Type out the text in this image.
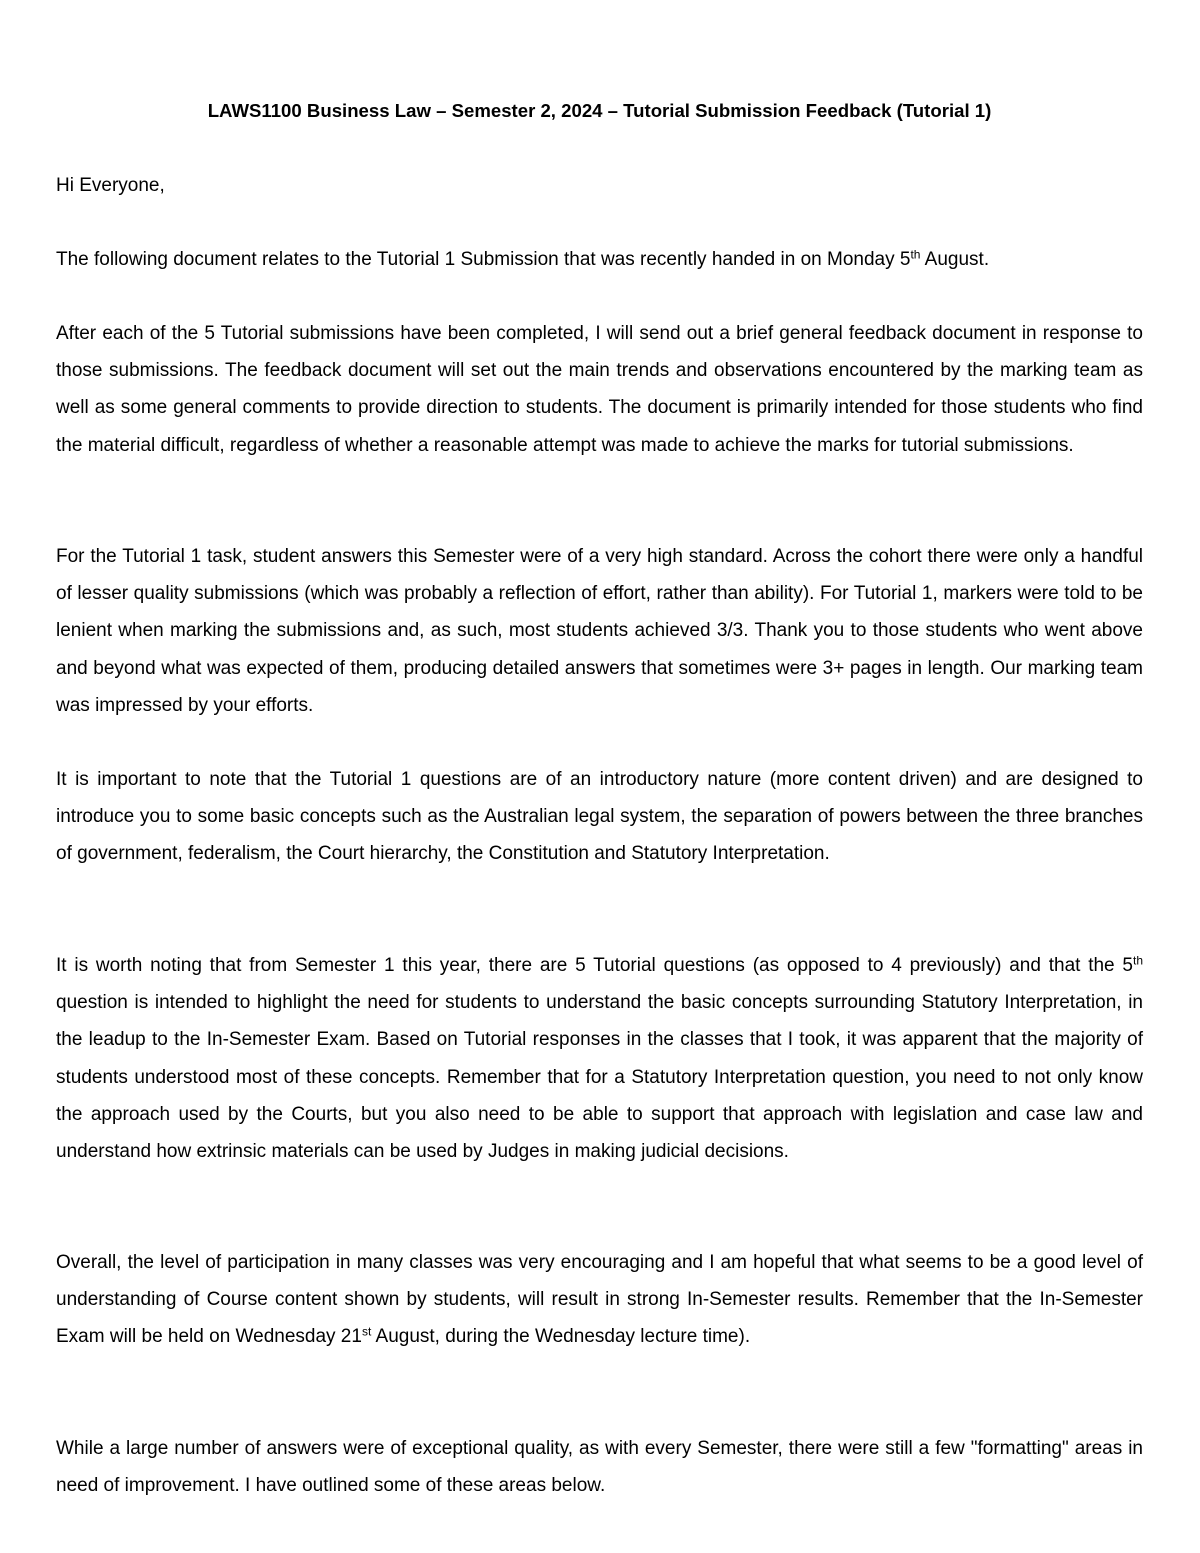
LAWS1100 Business Law – Semester 2, 2024 – Tutorial Submission Feedback (Tutorial 1)

Hi Everyone,

The following document relates to the Tutorial 1 Submission that was recently handed in on Monday 5th August.

After each of the 5 Tutorial submissions have been completed, I will send out a brief general feedback document in response to those submissions. The feedback document will set out the main trends and observations encountered by the marking team as well as some general comments to provide direction to students. The document is primarily intended for those students who find the material difficult, regardless of whether a reasonable attempt was made to achieve the marks for tutorial submissions.

For the Tutorial 1 task, student answers this Semester were of a very high standard. Across the cohort there were only a handful of lesser quality submissions (which was probably a reflection of effort, rather than ability). For Tutorial 1, markers were told to be lenient when marking the submissions and, as such, most students achieved 3/3. Thank you to those students who went above and beyond what was expected of them, producing detailed answers that sometimes were 3+ pages in length. Our marking team was impressed by your efforts.

It is important to note that the Tutorial 1 questions are of an introductory nature (more content driven) and are designed to introduce you to some basic concepts such as the Australian legal system, the separation of powers between the three branches of government, federalism, the Court hierarchy, the Constitution and Statutory Interpretation.

It is worth noting that from Semester 1 this year, there are 5 Tutorial questions (as opposed to 4 previously) and that the 5th question is intended to highlight the need for students to understand the basic concepts surrounding Statutory Interpretation, in the leadup to the In-Semester Exam. Based on Tutorial responses in the classes that I took, it was apparent that the majority of students understood most of these concepts. Remember that for a Statutory Interpretation question, you need to not only know the approach used by the Courts, but you also need to be able to support that approach with legislation and case law and understand how extrinsic materials can be used by Judges in making judicial decisions.

Overall, the level of participation in many classes was very encouraging and I am hopeful that what seems to be a good level of understanding of Course content shown by students, will result in strong In-Semester results. Remember that the In-Semester Exam will be held on Wednesday 21st August, during the Wednesday lecture time).

While a large number of answers were of exceptional quality, as with every Semester, there were still a few "formatting" areas in need of improvement. I have outlined some of these areas below.
